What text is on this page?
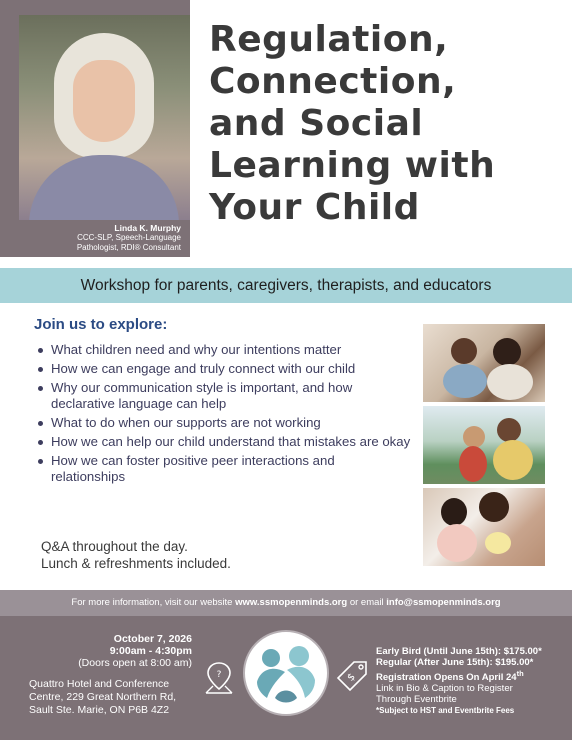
Linda K. Murphy
CCC-SLP, Speech-Language
Pathologist, RDI® Consultant
Regulation,
Connection,
and Social
Learning with
Your Child
Workshop for parents, caregivers, therapists, and educators
Join us to explore:
What children need and why our intentions matter
How we can engage and truly connect with our child
Why our communication style is important, and how declarative language can help
What to do when our supports are not working
How we can help our child understand that mistakes are okay
How we can foster positive peer interactions and relationships
Q&A throughout the day.
Lunch & refreshments included.
For more information, visit our website www.ssmopenminds.org or email info@ssmopenminds.org
October 7, 2026
9:00am - 4:30pm
(Doors open at 8:00 am)
Quattro Hotel and Conference
Centre, 229 Great Northern Rd,
Sault Ste. Marie, ON P6B 4Z2
?	$
Early Bird (Until June 15th): $175.00*
Regular (After June 15th): $195.00*
Registration Opens On April 24th
Link in Bio & Caption to Register
Through Eventbrite
*Subject to HST and Eventbrite Fees
